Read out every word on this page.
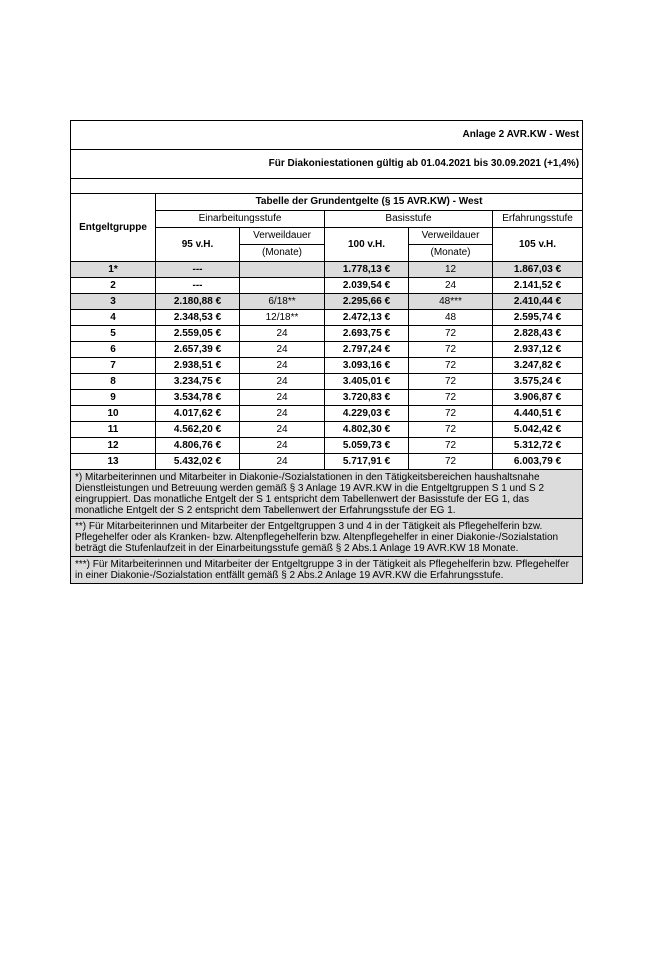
Anlage 2 AVR.KW - West					
Für Diakoniestationen gültig ab 01.04.2021 bis 30.09.2021 (+1,4%)					

Entgeltgruppe	Tabelle der Grundentgelte (§ 15 AVR.KW) - West				
	Einarbeitungsstufe		Basisstufe		Erfahrungsstufe
	95 v.H.	Verweildauer	100 v.H.	Verweildauer	105 v.H.
		(Monate)		(Monate)	
1*	---		1.778,13 €	12	1.867,03 €
2	---		2.039,54 €	24	2.141,52 €
3	2.180,88 €	6/18**	2.295,66 €	48***	2.410,44 €
4	2.348,53 €	12/18**	2.472,13 €	48	2.595,74 €
5	2.559,05 €	24	2.693,75 €	72	2.828,43 €
6	2.657,39 €	24	2.797,24 €	72	2.937,12 €
7	2.938,51 €	24	3.093,16 €	72	3.247,82 €
8	3.234,75 €	24	3.405,01 €	72	3.575,24 €
9	3.534,78 €	24	3.720,83 €	72	3.906,87 €
10	4.017,62 €	24	4.229,03 €	72	4.440,51 €
11	4.562,20 €	24	4.802,30 €	72	5.042,42 €
12	4.806,76 €	24	5.059,73 €	72	5.312,72 €
13	5.432,02 €	24	5.717,91 €	72	6.003,79 €
*) Mitarbeiterinnen und Mitarbeiter in Diakonie-/Sozialstationen in den Tätigkeitsbereichen haushaltsnahe Dienstleistungen und Betreuung werden gemäß § 3 Anlage 19 AVR.KW in die Entgeltgruppen S 1 und S 2 eingruppiert. Das monatliche Entgelt der S 1 entspricht dem Tabellenwert der Basisstufe der EG 1, das monatliche Entgelt der S 2 entspricht dem Tabellenwert der Erfahrungsstufe der EG 1.					
**) Für Mitarbeiterinnen und Mitarbeiter der Entgeltgruppen 3 und 4 in der Tätigkeit als Pflegehelferin bzw. Pflegehelfer oder als Kranken- bzw. Altenpflegehelferin bzw. Altenpflegehelfer in einer Diakonie-/Sozialstation beträgt die Stufenlaufzeit in der Einarbeitungsstufe gemäß § 2 Abs.1 Anlage 19 AVR.KW 18 Monate.					
***) Für Mitarbeiterinnen und Mitarbeiter der Entgeltgruppe 3 in der Tätigkeit als Pflegehelferin bzw. Pflegehelfer in einer Diakonie-/Sozialstation entfällt gemäß § 2 Abs.2 Anlage 19 AVR.KW die Erfahrungsstufe.					
